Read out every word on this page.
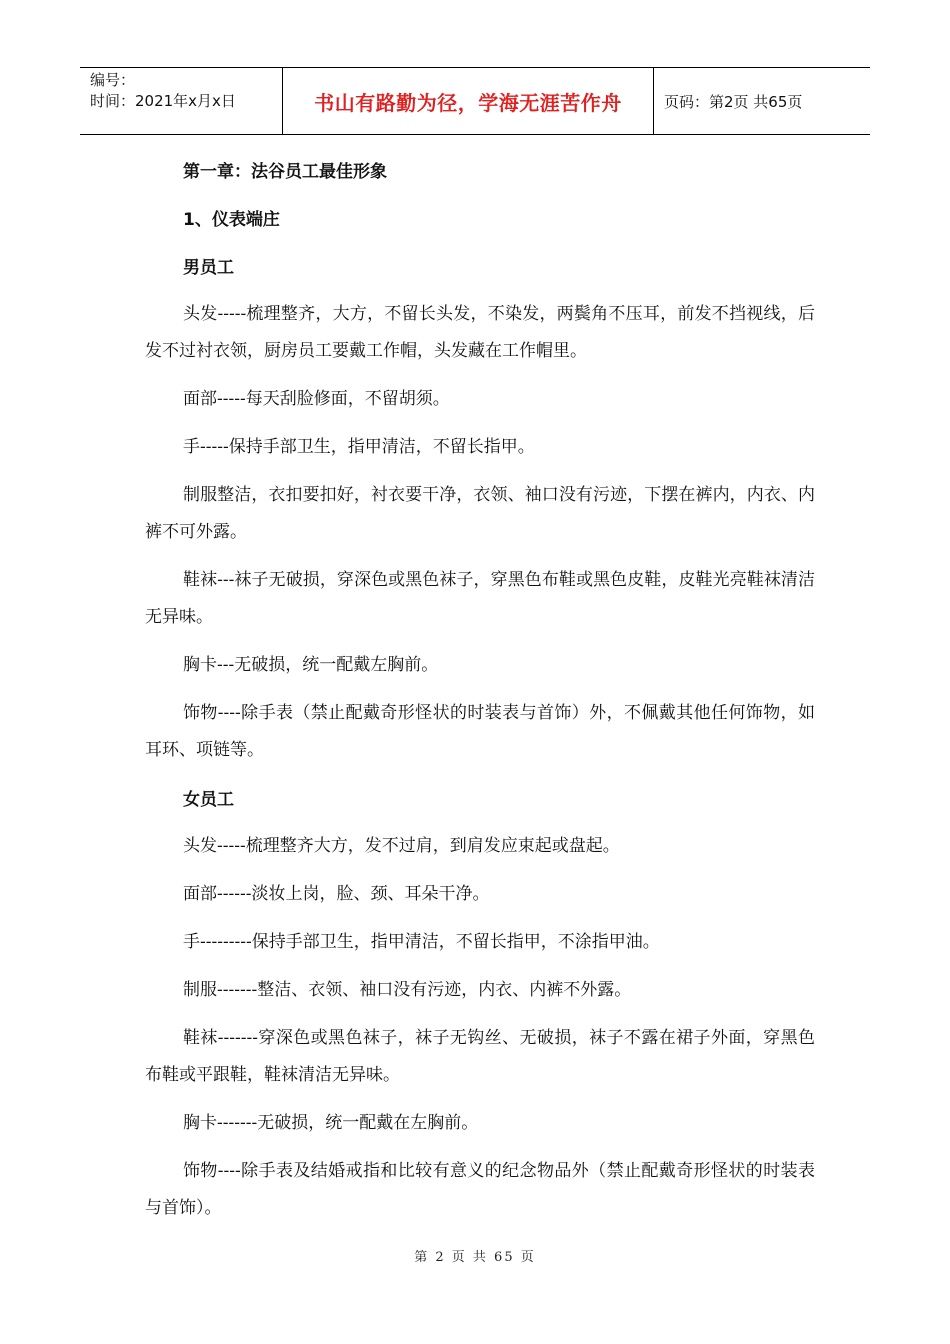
编号：
时间：2021年x月x日	书山有路勤为径，学海无涯苦作舟	页码：第2页 共65页
第一章：法谷员工最佳形象
1、仪表端庄
男员工

头发-----梳理整齐，大方，不留长头发，不染发，两鬓角不压耳，前发不挡视线，后发不过衬衣领，厨房员工要戴工作帽，头发藏在工作帽里。

面部-----每天刮脸修面，不留胡须。

手-----保持手部卫生，指甲清洁，不留长指甲。

制服整洁，衣扣要扣好，衬衣要干净，衣领、袖口没有污迹，下摆在裤内，内衣、内裤不可外露。

鞋袜---袜子无破损，穿深色或黑色袜子，穿黑色布鞋或黑色皮鞋，皮鞋光亮鞋袜清洁无异味。

胸卡---无破损，统一配戴左胸前。

饰物----除手表（禁止配戴奇形怪状的时装表与首饰）外，不佩戴其他任何饰物，如耳环、项链等。

女员工

头发-----梳理整齐大方，发不过肩，到肩发应束起或盘起。

面部------淡妆上岗，脸、颈、耳朵干净。

手---------保持手部卫生，指甲清洁，不留长指甲，不涂指甲油。

制服-------整洁、衣领、袖口没有污迹，内衣、内裤不外露。

鞋袜-------穿深色或黑色袜子，袜子无钩丝、无破损，袜子不露在裙子外面，穿黑色布鞋或平跟鞋，鞋袜清洁无异味。

胸卡-------无破损，统一配戴在左胸前。

饰物----除手表及结婚戒指和比较有意义的纪念物品外（禁止配戴奇形怪状的时装表与首饰）。

第 2 页 共 65 页
